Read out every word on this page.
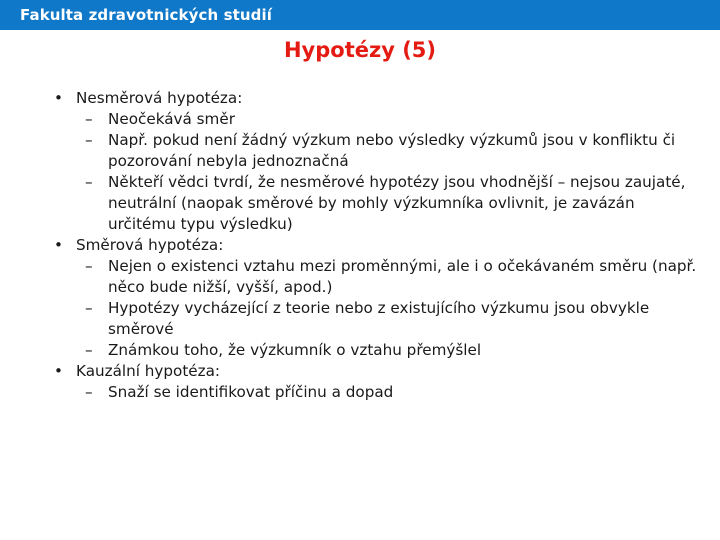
Fakulta zdravotnických studií
Hypotézy (5)
• Nesměrová hypotéza:
– Neočekává směr
– Např. pokud není žádný výzkum nebo výsledky výzkumů jsou v konfliktu či pozorování nebyla jednoznačná
– Někteří vědci tvrdí, že nesměrové hypotézy jsou vhodnější – nejsou zaujaté, neutrální (naopak směrové by mohly výzkumníka ovlivnit, je zavázán určitému typu výsledku)
• Směrová hypotéza:
– Nejen o existenci vztahu mezi proměnnými, ale i o očekávaném směru (např. něco bude nižší, vyšší, apod.)
– Hypotézy vycházející z teorie nebo z existujícího výzkumu jsou obvykle směrové
– Známkou toho, že výzkumník o vztahu přemýšlel
• Kauzální hypotéza:
– Snaží se identifikovat příčinu a dopad
